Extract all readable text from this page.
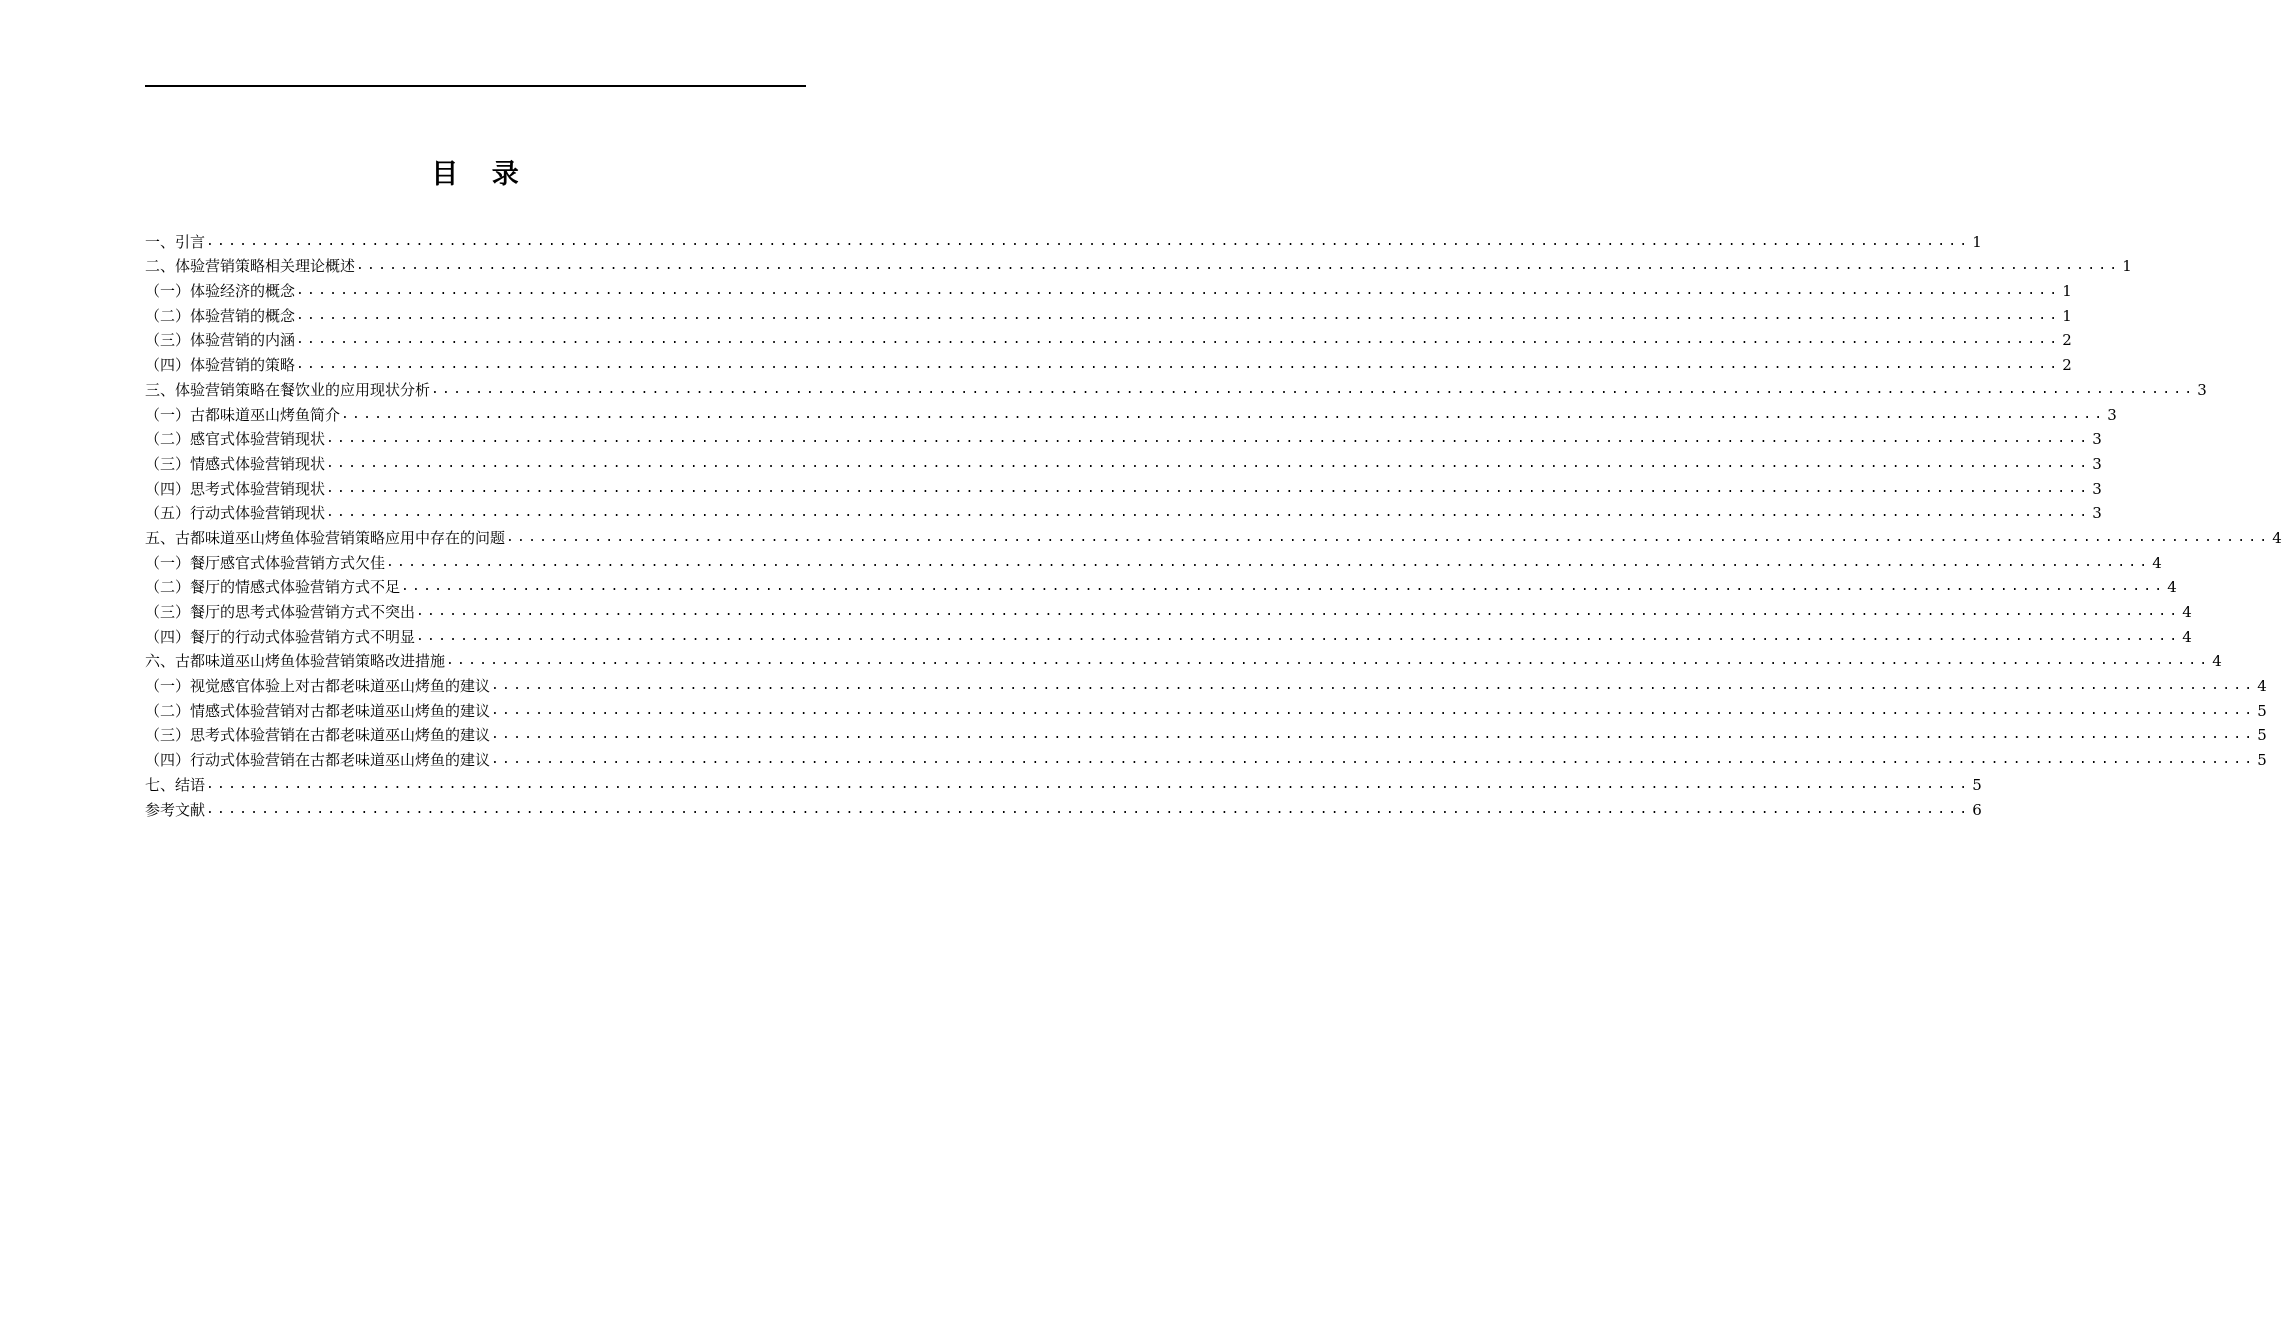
目 录
一、引言 ................................................................................................................................................................ 1
二、体验营销策略相关理论概述 ................................................................................................................................................................ 1
（一）体验经济的概念 ................................................................................................................................................................ 1
（二）体验营销的概念 ................................................................................................................................................................ 1
（三）体验营销的内涵 ................................................................................................................................................................ 2
（四）体验营销的策略 ................................................................................................................................................................ 2
三、体验营销策略在餐饮业的应用现状分析 ................................................................................................................................................................ 3
（一）古都味道巫山烤鱼简介 ................................................................................................................................................................ 3
（二）感官式体验营销现状 ................................................................................................................................................................ 3
（三）情感式体验营销现状 ................................................................................................................................................................ 3
（四）思考式体验营销现状 ................................................................................................................................................................ 3
（五）行动式体验营销现状 ................................................................................................................................................................ 3
五、古都味道巫山烤鱼体验营销策略应用中存在的问题 ................................................................................................................................................................ 4
（一）餐厅感官式体验营销方式欠佳 ................................................................................................................................................................ 4
（二）餐厅的情感式体验营销方式不足 ................................................................................................................................................................ 4
（三）餐厅的思考式体验营销方式不突出 ................................................................................................................................................................ 4
（四）餐厅的行动式体验营销方式不明显 ................................................................................................................................................................ 4
六、古都味道巫山烤鱼体验营销策略改进措施 ................................................................................................................................................................ 4
（一）视觉感官体验上对古都老味道巫山烤鱼的建议 ................................................................................................................................................................ 4
（二）情感式体验营销对古都老味道巫山烤鱼的建议 ................................................................................................................................................................ 5
（三）思考式体验营销在古都老味道巫山烤鱼的建议 ................................................................................................................................................................ 5
（四）行动式体验营销在古都老味道巫山烤鱼的建议 ................................................................................................................................................................ 5
七、结语 ................................................................................................................................................................ 5
参考文献 ................................................................................................................................................................ 6
